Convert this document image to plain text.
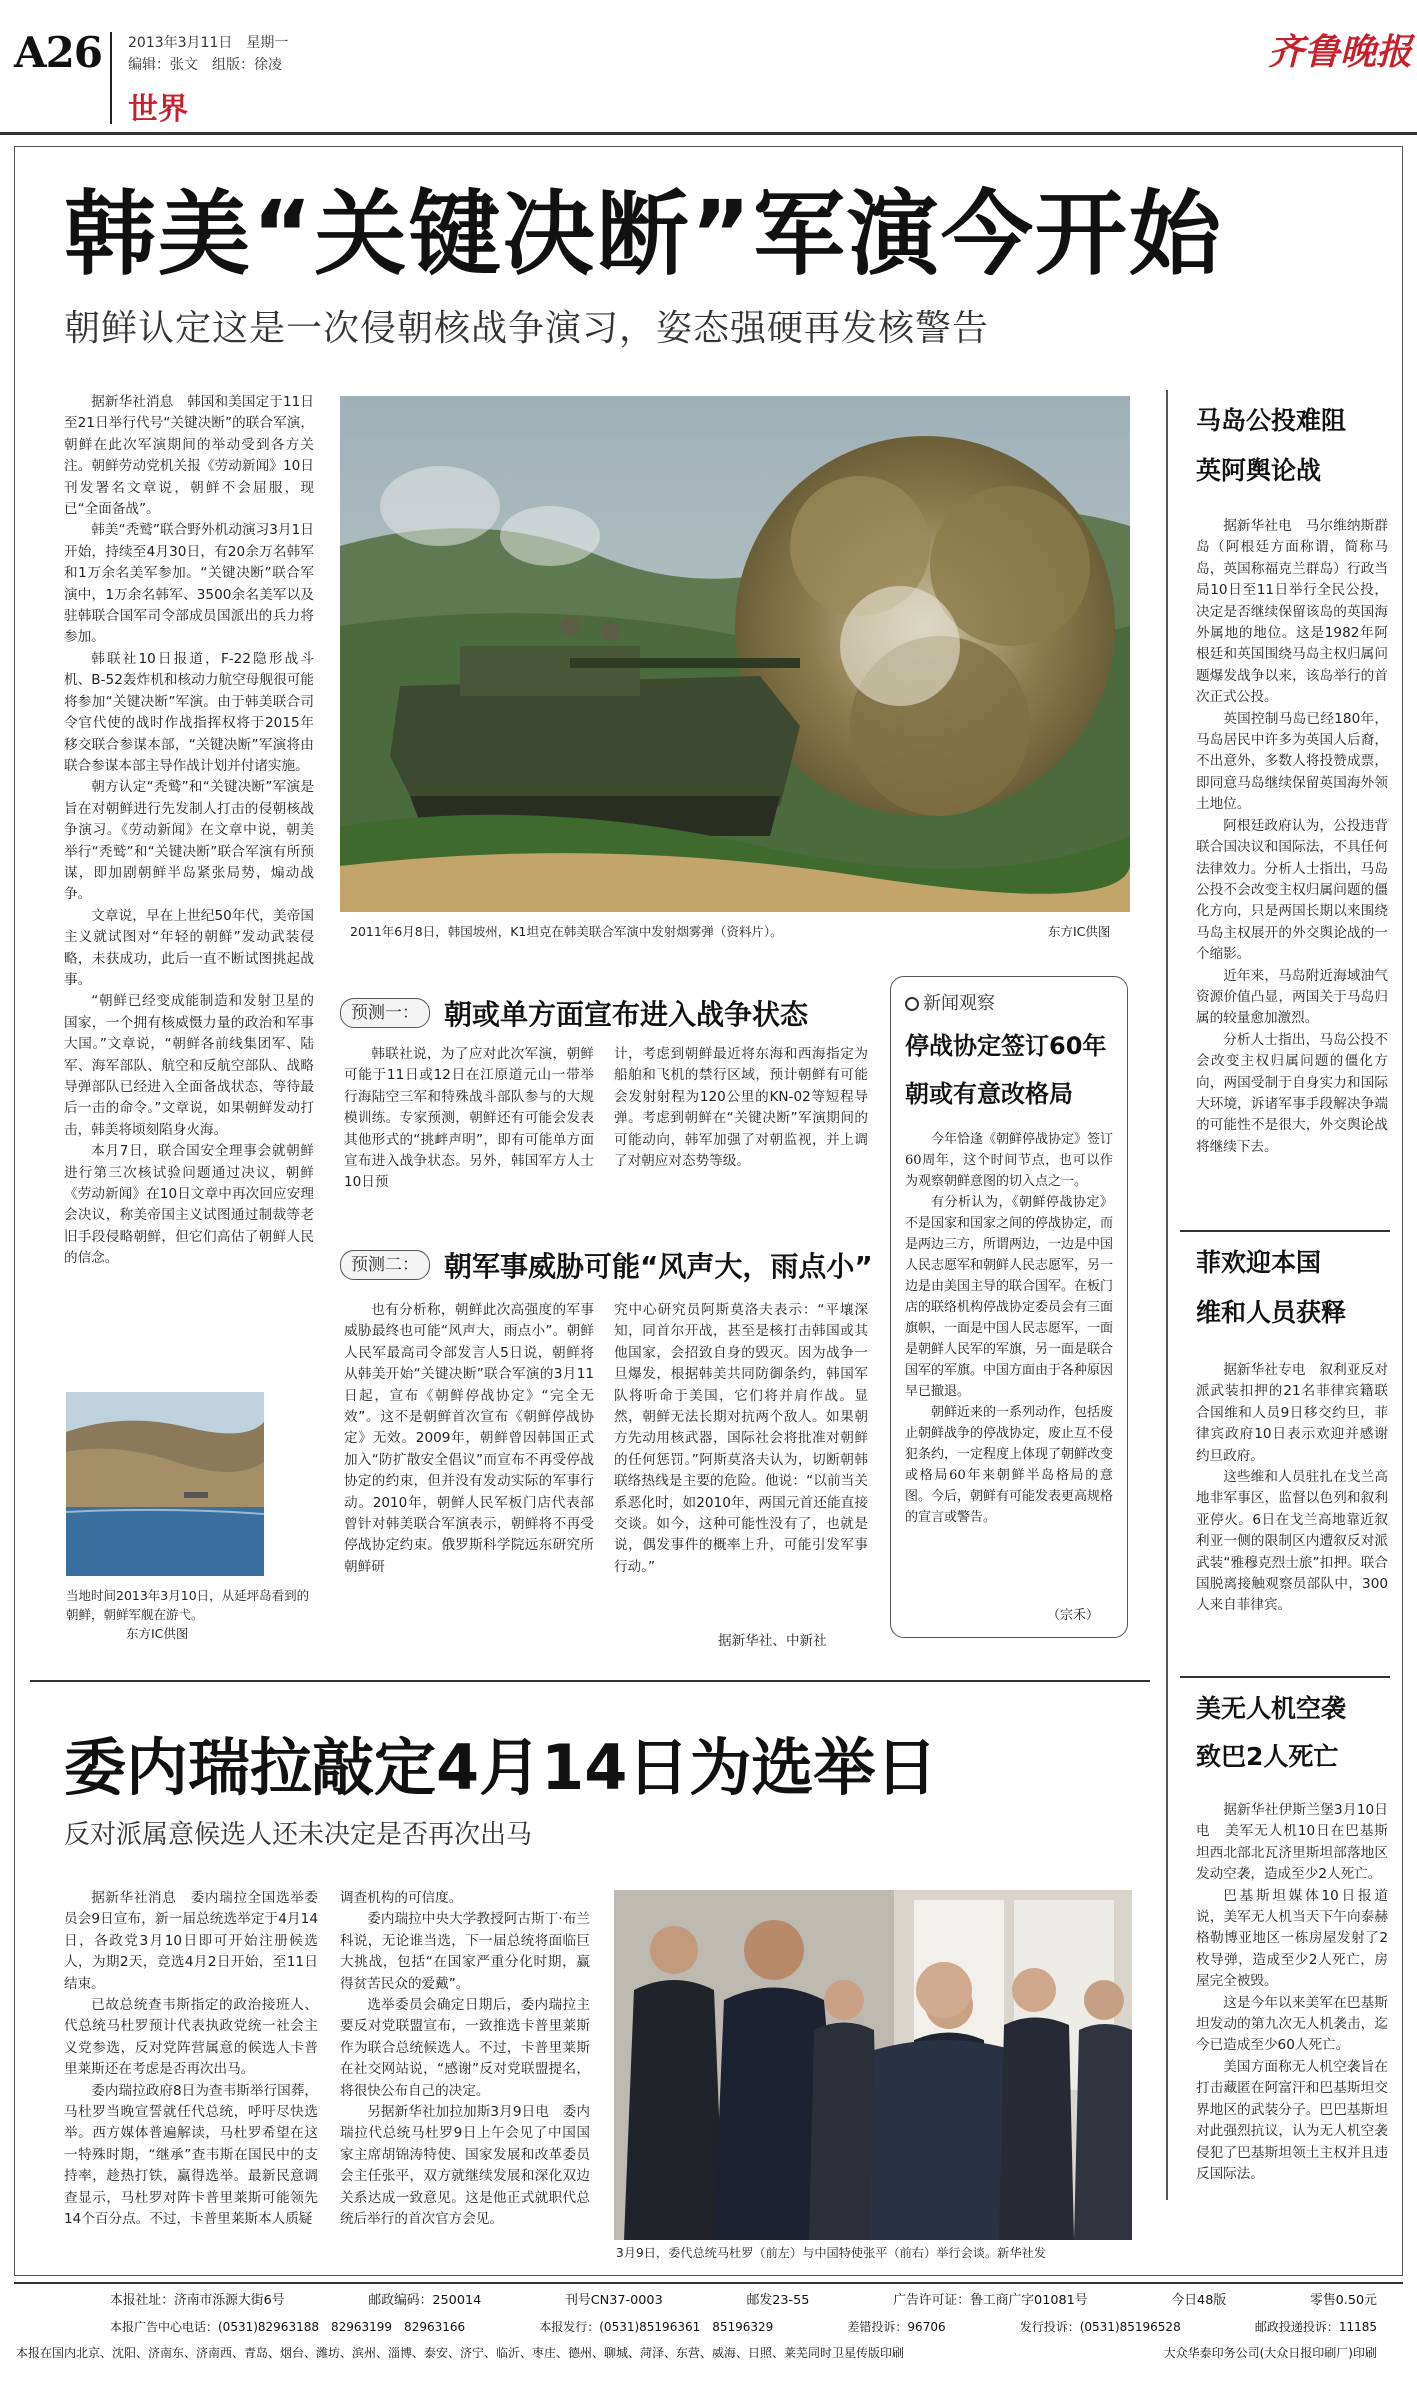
A26 2013年3月11日　星期一
编辑：张文　组版：徐凌
世界
齐鲁晚报
韩美“关键决断”军演今开始
朝鲜认定这是一次侵朝核战争演习，姿态强硬再发核警告

据新华社消息　韩国和美国定于11日至21日举行代号“关键决断”的联合军演，朝鲜在此次军演期间的举动受到各方关注。朝鲜劳动党机关报《劳动新闻》10日刊发署名文章说，朝鲜不会屈服，现已“全面备战”。

韩美“秃鹫”联合野外机动演习3月1日开始，持续至4月30日，有20余万名韩军和1万余名美军参加。“关键决断”联合军演中，1万余名韩军、3500余名美军以及驻韩联合国军司令部成员国派出的兵力将参加。

韩联社10日报道，F-22隐形战斗机、B-52轰炸机和核动力航空母舰很可能将参加“关键决断”军演。由于韩美联合司令官代使的战时作战指挥权将于2015年移交联合参谋本部，“关键决断”军演将由联合参谋本部主导作战计划并付诸实施。

朝方认定“秃鹫”和“关键决断”军演是旨在对朝鲜进行先发制人打击的侵朝核战争演习。《劳动新闻》在文章中说，朝美举行“秃鹫”和“关键决断”联合军演有所预谋，即加剧朝鲜半岛紧张局势，煽动战争。

文章说，早在上世纪50年代，美帝国主义就试图对“年轻的朝鲜”发动武装侵略，未获成功，此后一直不断试图挑起战事。

“朝鲜已经变成能制造和发射卫星的国家，一个拥有核威慑力量的政治和军事大国。”文章说，“朝鲜各前线集团军、陆军、海军部队、航空和反航空部队、战略导弹部队已经进入全面备战状态，等待最后一击的命令。”文章说，如果朝鲜发动打击，韩美将顷刻陷身火海。

本月7日，联合国安全理事会就朝鲜进行第三次核试验问题通过决议，朝鲜《劳动新闻》在10日文章中再次回应安理会决议，称美帝国主义试图通过制裁等老旧手段侵略朝鲜，但它们高估了朝鲜人民的信念。

2011年6月8日，韩国坡州，K1坦克在韩美联合军演中发射烟雾弹（资料片）。	东方IC供图
当地时间2013年3月10日，从延坪岛看到的朝鲜，朝鲜军舰在游弋。
东方IC供图
预测一： 朝或单方面宣布进入战争状态
韩联社说，为了应对此次军演，朝鲜可能于11日或12日在江原道元山一带举行海陆空三军和特殊战斗部队参与的大规模训练。专家预测，朝鲜还有可能会发表其他形式的“挑衅声明”，即有可能单方面宣布进入战争状态。另外，韩国军方人士10日预
计，考虑到朝鲜最近将东海和西海指定为船舶和飞机的禁行区域，预计朝鲜有可能会发射射程为120公里的KN-02等短程导弹。考虑到朝鲜在“关键决断”军演期间的可能动向，韩军加强了对朝监视，并上调了对朝应对态势等级。
预测二： 朝军事威胁可能“风声大，雨点小”
也有分析称，朝鲜此次高强度的军事威胁最终也可能“风声大，雨点小”。朝鲜人民军最高司令部发言人5日说，朝鲜将从韩美开始“关键决断”联合军演的3月11日起，宣布《朝鲜停战协定》“完全无效”。这不是朝鲜首次宣布《朝鲜停战协定》无效。2009年，朝鲜曾因韩国正式加入“防扩散安全倡议”而宣布不再受停战协定的约束，但并没有发动实际的军事行动。2010年，朝鲜人民军板门店代表部曾针对韩美联合军演表示，朝鲜将不再受停战协定约束。俄罗斯科学院远东研究所朝鲜研
究中心研究员阿斯莫洛夫表示：“平壤深知，同首尔开战，甚至是核打击韩国或其他国家，会招致自身的毁灭。因为战争一旦爆发，根据韩美共同防御条约，韩国军队将听命于美国，它们将并肩作战。显然，朝鲜无法长期对抗两个敌人。如果朝方先动用核武器，国际社会将批准对朝鲜的任何惩罚。”阿斯莫洛夫认为，切断朝韩联络热线是主要的危险。他说：“以前当关系恶化时，如2010年，两国元首还能直接交谈。如今，这种可能性没有了，也就是说，偶发事件的概率上升，可能引发军事行动。”
据新华社、中新社
新闻观察
停战协定签订60年
朝或有意改格局

今年恰逢《朝鲜停战协定》签订60周年，这个时间节点，也可以作为观察朝鲜意图的切入点之一。

有分析认为，《朝鲜停战协定》不是国家和国家之间的停战协定，而是两边三方，所谓两边，一边是中国人民志愿军和朝鲜人民志愿军，另一边是由美国主导的联合国军。在板门店的联络机构停战协定委员会有三面旗帜，一面是中国人民志愿军，一面是朝鲜人民军的军旗，另一面是联合国军的军旗。中国方面由于各种原因早已撤退。

朝鲜近来的一系列动作，包括废止朝鲜战争的停战协定，废止互不侵犯条约，一定程度上体现了朝鲜改变或格局60年来朝鲜半岛格局的意图。今后，朝鲜有可能发表更高规格的宣言或警告。

（宗禾）
马岛公投难阻
英阿舆论战

据新华社电　马尔维纳斯群岛（阿根廷方面称谓，简称马岛，英国称福克兰群岛）行政当局10日至11日举行全民公投，决定是否继续保留该岛的英国海外属地的地位。这是1982年阿根廷和英国围绕马岛主权归属问题爆发战争以来，该岛举行的首次正式公投。

英国控制马岛已经180年，马岛居民中许多为英国人后裔，不出意外，多数人将投赞成票，即同意马岛继续保留英国海外领土地位。

阿根廷政府认为，公投违背联合国决议和国际法，不具任何法律效力。分析人士指出，马岛公投不会改变主权归属问题的僵化方向，只是两国长期以来围绕马岛主权展开的外交舆论战的一个缩影。

近年来，马岛附近海域油气资源价值凸显，两国关于马岛归属的较量愈加激烈。

分析人士指出，马岛公投不会改变主权归属问题的僵化方向，两国受制于自身实力和国际大环境，诉诸军事手段解决争端的可能性不是很大，外交舆论战将继续下去。

菲欢迎本国
维和人员获释

据新华社专电　叙利亚反对派武装扣押的21名菲律宾籍联合国维和人员9日移交约旦，菲律宾政府10日表示欢迎并感谢约旦政府。

这些维和人员驻扎在戈兰高地非军事区，监督以色列和叙利亚停火。6日在戈兰高地靠近叙利亚一侧的限制区内遭叙反对派武装“雅穆克烈士旅”扣押。联合国脱离接触观察员部队中，300人来自菲律宾。

美无人机空袭
致巴2人死亡

据新华社伊斯兰堡3月10日电　美军无人机10日在巴基斯坦西北部北瓦济里斯坦部落地区发动空袭，造成至少2人死亡。

巴基斯坦媒体10日报道说，美军无人机当天下午向泰赫格勒博亚地区一栋房屋发射了2枚导弹，造成至少2人死亡，房屋完全被毁。

这是今年以来美军在巴基斯坦发动的第九次无人机袭击，迄今已造成至少60人死亡。

美国方面称无人机空袭旨在打击藏匿在阿富汗和巴基斯坦交界地区的武装分子。巴巴基斯坦对此强烈抗议，认为无人机空袭侵犯了巴基斯坦领土主权并且违反国际法。

委内瑞拉敲定4月14日为选举日
反对派属意候选人还未决定是否再次出马

据新华社消息　委内瑞拉全国选举委员会9日宣布，新一届总统选举定于4月14日，各政党3月10日即可开始注册候选人，为期2天，竞选4月2日开始，至11日结束。

已故总统查韦斯指定的政治接班人、代总统马杜罗预计代表执政党统一社会主义党参选，反对党阵营属意的候选人卡普里莱斯还在考虑是否再次出马。

委内瑞拉政府8日为查韦斯举行国葬，马杜罗当晚宣誓就任代总统，呼吁尽快选举。西方媒体普遍解读，马杜罗希望在这一特殊时期，“继承”查韦斯在国民中的支持率，趁热打铁，赢得选举。最新民意调查显示，马杜罗对阵卡普里莱斯可能领先14个百分点。不过，卡普里莱斯本人质疑

调查机构的可信度。

委内瑞拉中央大学教授阿古斯丁·布兰科说，无论谁当选，下一届总统将面临巨大挑战，包括“在国家严重分化时期，赢得贫苦民众的爱戴”。

选举委员会确定日期后，委内瑞拉主要反对党联盟宣布，一致推选卡普里莱斯作为联合总统候选人。不过，卡普里莱斯在社交网站说，“感谢”反对党联盟提名，将很快公布自己的决定。

另据新华社加拉加斯3月9日电　委内瑞拉代总统马杜罗9日上午会见了中国国家主席胡锦涛特使、国家发展和改革委员会主任张平，双方就继续发展和深化双边关系达成一致意见。这是他正式就职代总统后举行的首次官方会见。

3月9日，委代总统马杜罗（前左）与中国特使张平（前右）举行会谈。新华社发
本报社址：济南市泺源大街6号	邮政编码：250014	刊号CN37-0003	邮发23-55	广告许可证：鲁工商广字01081号	今日48版	零售0.50元
本报广告中心电话：(0531)82963188　82963199　82963166	本报发行：(0531)85196361　85196329	差错投诉：96706	发行投诉：(0531)85196528	邮政投递投诉：11185
本报在国内北京、沈阳、济南东、济南西、青岛、烟台、潍坊、滨州、淄博、泰安、济宁、临沂、枣庄、德州、聊城、菏泽、东营、威海、日照、莱芜同时卫星传版印刷	大众华泰印务公司(大众日报印刷厂)印刷
